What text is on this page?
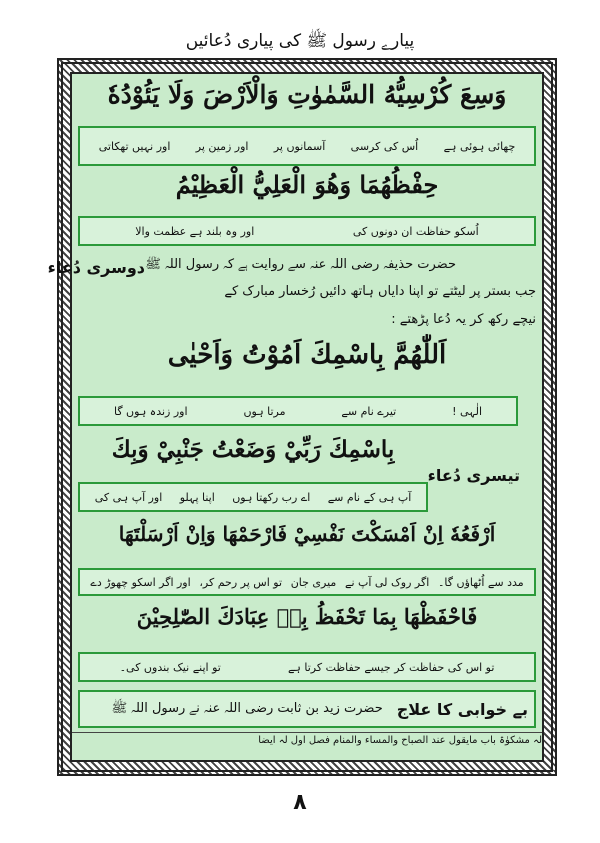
پیارے رسول ﷺ کی پیاری دُعائیں
وَسِعَ كُرْسِيُّهُ السَّمٰوٰتِ وَالْاَرْضَ وَلَا يَئُوْدُهٗ
چھائی ہوئی ہے
اُس کی کرسی
آسمانوں پر
اور زمین پر
اور نہیں تھکاتی
حِفْظُهُمَا وَهُوَ الْعَلِيُّ الْعَظِيْمُ
اُسکو حفاظت ان دونوں کی
اور وہ بلند ہے عظمت والا
دوسری دُعاء حضرت حذیفہ رضی اللہ عنہ سے روایت ہے کہ رسول اللہ ﷺ
جب بستر پر لیٹتے تو اپنا دایاں ہاتھ دائیں رُخسار مبارک کے
نیچے رکھ کر یہ دُعا پڑھتے :
اَللّٰهُمَّ بِاسْمِكَ اَمُوْتُ وَاَحْيٰى
الٰہی !
تیرے نام سے
مرتا ہوں
اور زندہ ہوں گا
تیسری دُعاء
بِاسْمِكَ رَبِّيْ وَضَعْتُ جَنْبِيْ وَبِكَ
آپ ہی کے نام سے
اے رب رکھتا ہوں
اپنا پہلو
اور آپ ہی کی
اَرْفَعُهٗ اِنْ اَمْسَكْتَ نَفْسِيْ فَارْحَمْهَا وَاِنْ اَرْسَلْتَهَا
مدد سے اُٹھاؤں گا۔
اگر روک لی آپ نے
میری جان
تو اس پر رحم کر،
اور اگر اسکو چھوڑ دے
فَاحْفَظْهَا بِمَا تَحْفَظُ بِهٖ عِبَادَكَ الصّٰلِحِيْنَ
تو اس کی حفاظت کر جیسے حفاظت کرتا ہے
تو اپنے نیک بندوں کی۔
بے خوابی کا علاج
حضرت زید بن ثابت رضی اللہ عنہ نے رسول اللہ ﷺ
لہ مشکوٰۃ باب مایقول عند الصباح والمساء والمنام فصل اول لہ ایضاً
۸
